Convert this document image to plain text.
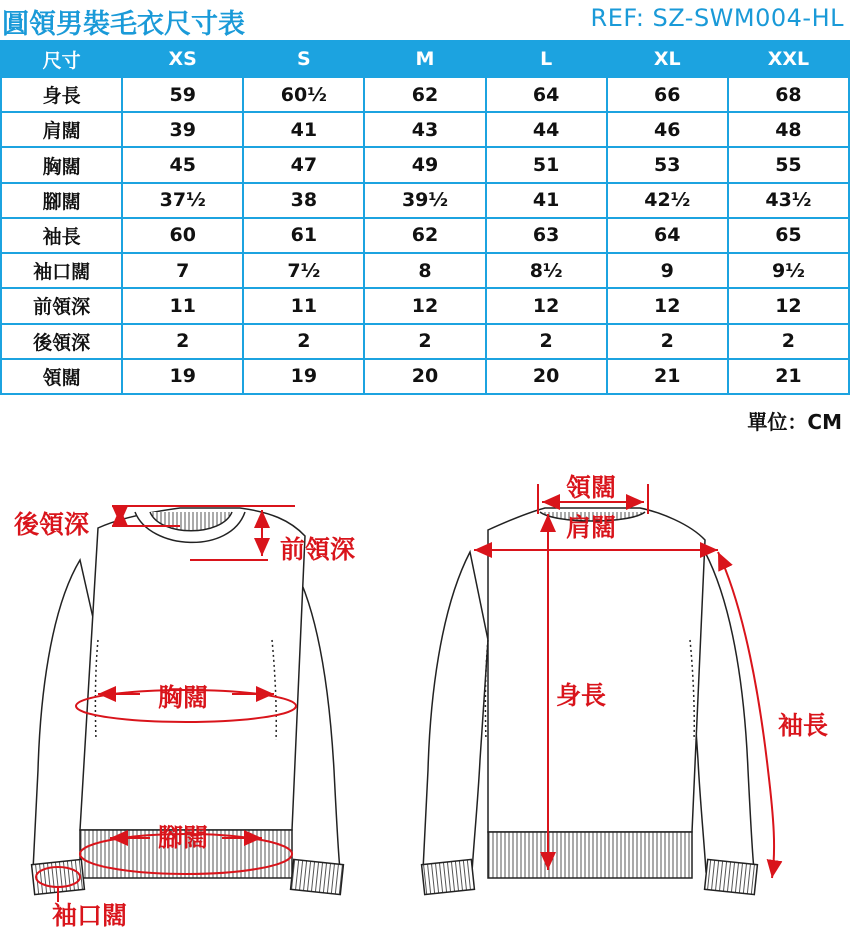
圓領男裝毛衣尺寸表	REF: SZ-SWM004-HL
尺寸	XS	S	M	L	XL	XXL
身長	59	60½	62	64	66	68
肩闊	39	41	43	44	46	48
胸闊	45	47	49	51	53	55
腳闊	37½	38	39½	41	42½	43½
袖長	60	61	62	63	64	65
袖口闊	7	7½	8	8½	9	9½
前領深	11	11	12	12	12	12
後領深	2	2	2	2	2	2
領闊	19	19	20	20	21	21
單位：CM
後領深
前領深
胸闊
腳闊
袖口闊
領闊
肩闊
身長
袖長
